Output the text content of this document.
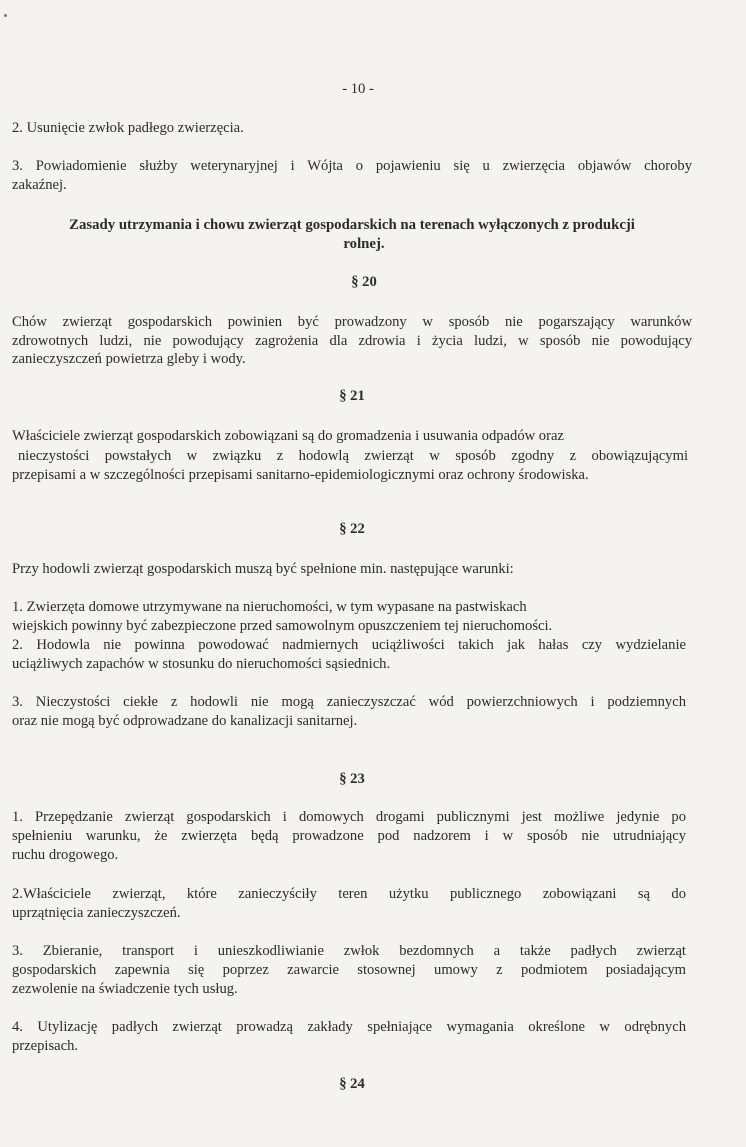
- 10 -

2. Usunięcie zwłok padłego zwierzęcia.

3. Powiadomienie służby weterynaryjnej i Wójta o pojawieniu się u zwierzęcia objawów choroby

zakaźnej.

Zasady utrzymania i chowu zwierząt gospodarskich na terenach wyłączonych z produkcji

rolnej.

§ 20

Chów zwierząt gospodarskich powinien być prowadzony w sposób nie pogarszający warunków

zdrowotnych ludzi, nie powodujący zagrożenia dla zdrowia i życia ludzi, w sposób nie powodujący

zanieczyszczeń powietrza gleby i wody.

§ 21

Właściciele zwierząt gospodarskich zobowiązani są do gromadzenia i usuwania odpadów oraz

nieczystości powstałych w związku z hodowlą zwierząt w sposób zgodny z obowiązującymi

przepisami a w szczególności przepisami sanitarno-epidemiologicznymi oraz ochrony środowiska.

§ 22

Przy hodowli zwierząt gospodarskich muszą być spełnione min. następujące warunki:

1. Zwierzęta domowe utrzymywane na nieruchomości, w tym wypasane na pastwiskach

wiejskich powinny być zabezpieczone przed samowolnym opuszczeniem tej nieruchomości.

2. Hodowla nie powinna powodować nadmiernych uciążliwości takich jak hałas czy wydzielanie

uciążliwych zapachów w stosunku do nieruchomości sąsiednich.

3. Nieczystości ciekłe z hodowli nie mogą zanieczyszczać wód powierzchniowych i podziemnych

oraz nie mogą być odprowadzane do kanalizacji sanitarnej.

§ 23

1. Przepędzanie zwierząt gospodarskich i domowych drogami publicznymi jest możliwe jedynie po

spełnieniu warunku, że zwierzęta będą prowadzone pod nadzorem i w sposób nie utrudniający

ruchu drogowego.

2.Właściciele zwierząt, które zanieczyściły teren użytku publicznego zobowiązani są do

uprzątnięcia zanieczyszczeń.

3. Zbieranie, transport i unieszkodliwianie zwłok bezdomnych a także padłych zwierząt

gospodarskich zapewnia się poprzez zawarcie stosownej umowy z podmiotem posiadającym

zezwolenie na świadczenie tych usług.

4. Utylizację padłych zwierząt prowadzą zakłady spełniające wymagania określone w odrębnych

przepisach.

§ 24
